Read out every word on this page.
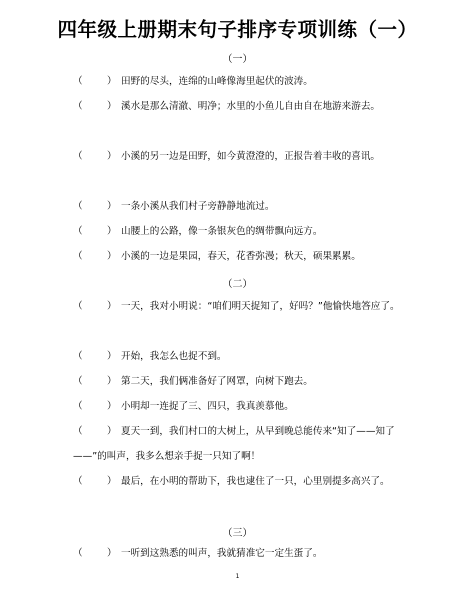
四年级上册期末句子排序专项训练（一）
（一）
（        ） 田野的尽头，连绵的山峰像海里起伏的波涛。
（        ） 溪水是那么清澈、明净；水里的小鱼儿自由自在地游来游去。
（        ） 小溪的另一边是田野，如今黄澄澄的，正报告着丰收的喜讯。
（        ） 一条小溪从我们村子旁静静地流过。
（        ） 山腰上的公路，像一条银灰色的绸带飘向远方。
（        ） 小溪的一边是果园，春天，花香弥漫；秋天，硕果累累。
（二）
（        ） 一天，我对小明说：“咱们明天捉知了，好吗？”他愉快地答应了。
（        ） 开始，我怎么也捉不到。
（        ） 第二天，我们俩准备好了网罩，向树下跑去。
（        ） 小明却一连捉了三、四只，我真羡慕他。
（        ） 夏天一到，我们村口的大树上，从早到晚总能传来“知了——知了——”的叫声，我多么想亲手捉一只知了啊！
（        ） 最后，在小明的帮助下，我也逮住了一只，心里别提多高兴了。
（三）
（        ） 一听到这熟悉的叫声，我就猜准它一定生蛋了。
1
